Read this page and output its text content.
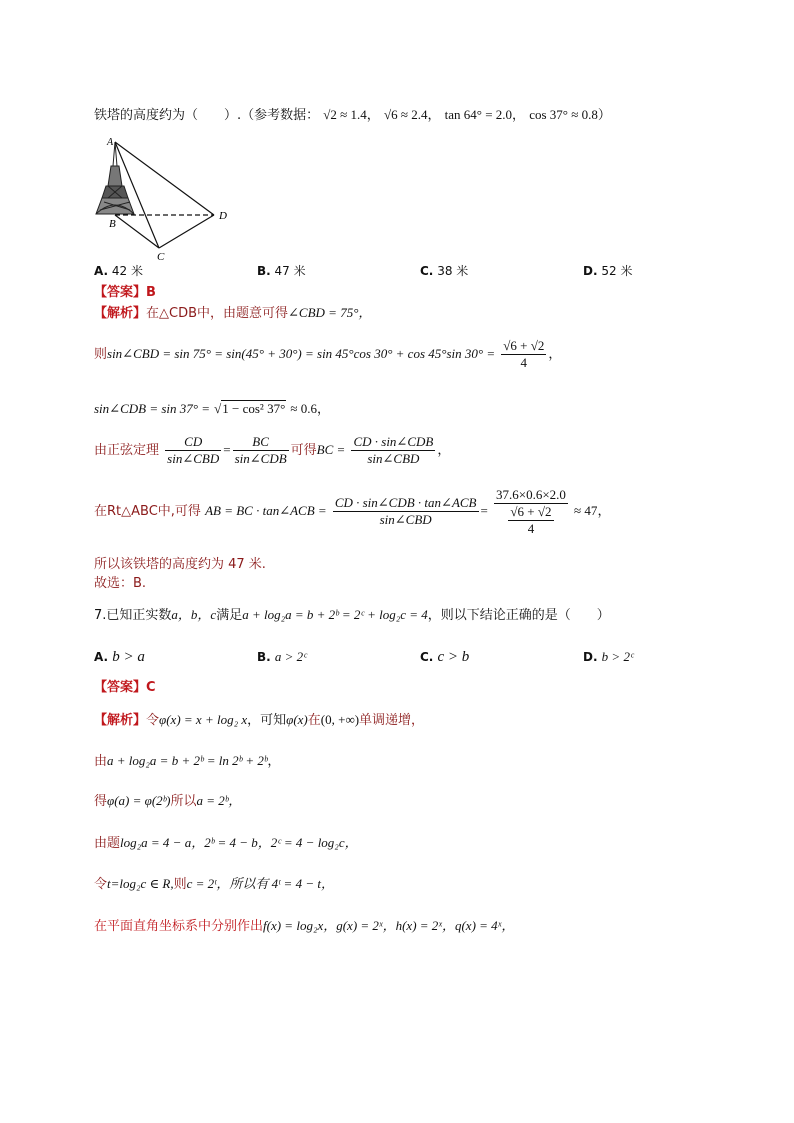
铁塔的高度约为（　　）.（参考数据： √2 ≈ 1.4， √6 ≈ 2.4， tan 64° = 2.0， cos 37° ≈ 0.8）
A
B
C
D
A. 42 米	B. 47 米	C. 38 米	D. 52 米
【答案】B
【解析】在△CDB中，由题意可得∠CBD = 75°，
则sin∠CBD = sin 75° = sin(45° + 30°) = sin 45°cos 30° + cos 45°sin $30^\circ = \frac{√6 + √2}{4}$ ，
sin∠CDB = sin 37° = √1 − cos² 37° ≈ 0.6，
由正弦定理 $\frac{CD}{\text{sin∠CBD}} = \frac{BC}{\text{sin∠CDB}}$ 可得BC = $\frac{\text{CD · sin∠CDB}}{\text{sin∠CBD}}$ ，
在Rt△ABC中,可得 AB = BC · tan∠ACB = $\frac{\text{CD · sin∠CDB · tan∠ACB}}{\text{sin∠CBD}} = \frac{37.6\times 0.6\times 2.0}{\frac{√6 + √2}{4}} \approx 47$，
所以该铁塔的高度约为 47 米.
故选：B.
7.已知正实数a，b，c满足a + log₂a = b + 2ᵇ = 2ᶜ + log₂c = 4，则以下结论正确的是（　　）
A. b > a	B. a > 2ᶜ	C. c > b	D. b > 2ᶜ
【答案】C
【解析】令φ(x) = x + log₂ x，可知φ(x)在(0, +∞)单调递增，
由a + log₂a = b + 2ᵇ = ln 2ᵇ + 2ᵇ，
得φ(a) = φ(2ᵇ)所以a = 2ᵇ，
由题log₂a = 4 − a，2ᵇ = 4 − b，2ᶜ = 4 − log₂c，
令t=log₂c ∈ R,则c = 2ᵗ，所以有 4ᵗ = 4 − t，
在平面直角坐标系中分别作出f(x) = log₂x，g(x) = 2ˣ，h(x) = 2ˣ，q(x) = 4ˣ，
